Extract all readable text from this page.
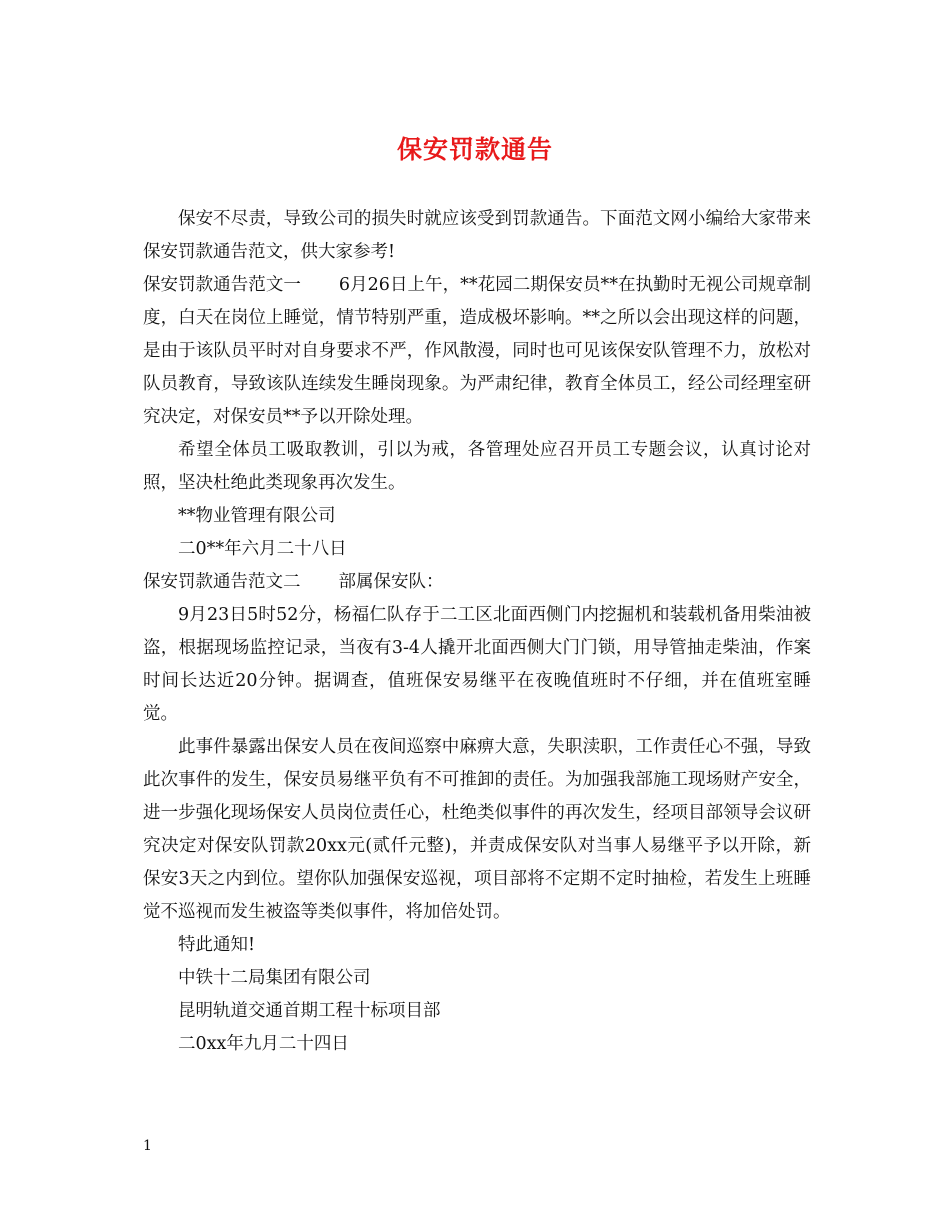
保安罚款通告

保安不尽责，导致公司的损失时就应该受到罚款通告。下面范文网小编给大家带来保安罚款通告范文，供大家参考!

保安罚款通告范文一 6月26日上午，**花园二期保安员**在执勤时无视公司规章制度，白天在岗位上睡觉，情节特别严重，造成极坏影响。**之所以会出现这样的问题，是由于该队员平时对自身要求不严，作风散漫，同时也可见该保安队管理不力，放松对队员教育，导致该队连续发生睡岗现象。为严肃纪律，教育全体员工，经公司经理室研究决定，对保安员**予以开除处理。

希望全体员工吸取教训，引以为戒，各管理处应召开员工专题会议，认真讨论对照，坚决杜绝此类现象再次发生。

**物业管理有限公司

二0**年六月二十八日

保安罚款通告范文二 部属保安队：

9月23日5时52分，杨福仁队存于二工区北面西侧门内挖掘机和装载机备用柴油被盗，根据现场监控记录，当夜有3-4人撬开北面西侧大门门锁，用导管抽走柴油，作案时间长达近20分钟。据调查，值班保安易继平在夜晚值班时不仔细，并在值班室睡觉。

此事件暴露出保安人员在夜间巡察中麻痹大意，失职渎职，工作责任心不强，导致此次事件的发生，保安员易继平负有不可推卸的责任。为加强我部施工现场财产安全，进一步强化现场保安人员岗位责任心，杜绝类似事件的再次发生，经项目部领导会议研究决定对保安队罚款20xx元(贰仟元整)，并责成保安队对当事人易继平予以开除，新保安3天之内到位。望你队加强保安巡视，项目部将不定期不定时抽检，若发生上班睡觉不巡视而发生被盗等类似事件，将加倍处罚。

特此通知!

中铁十二局集团有限公司

昆明轨道交通首期工程十标项目部

二0xx年九月二十四日

1
